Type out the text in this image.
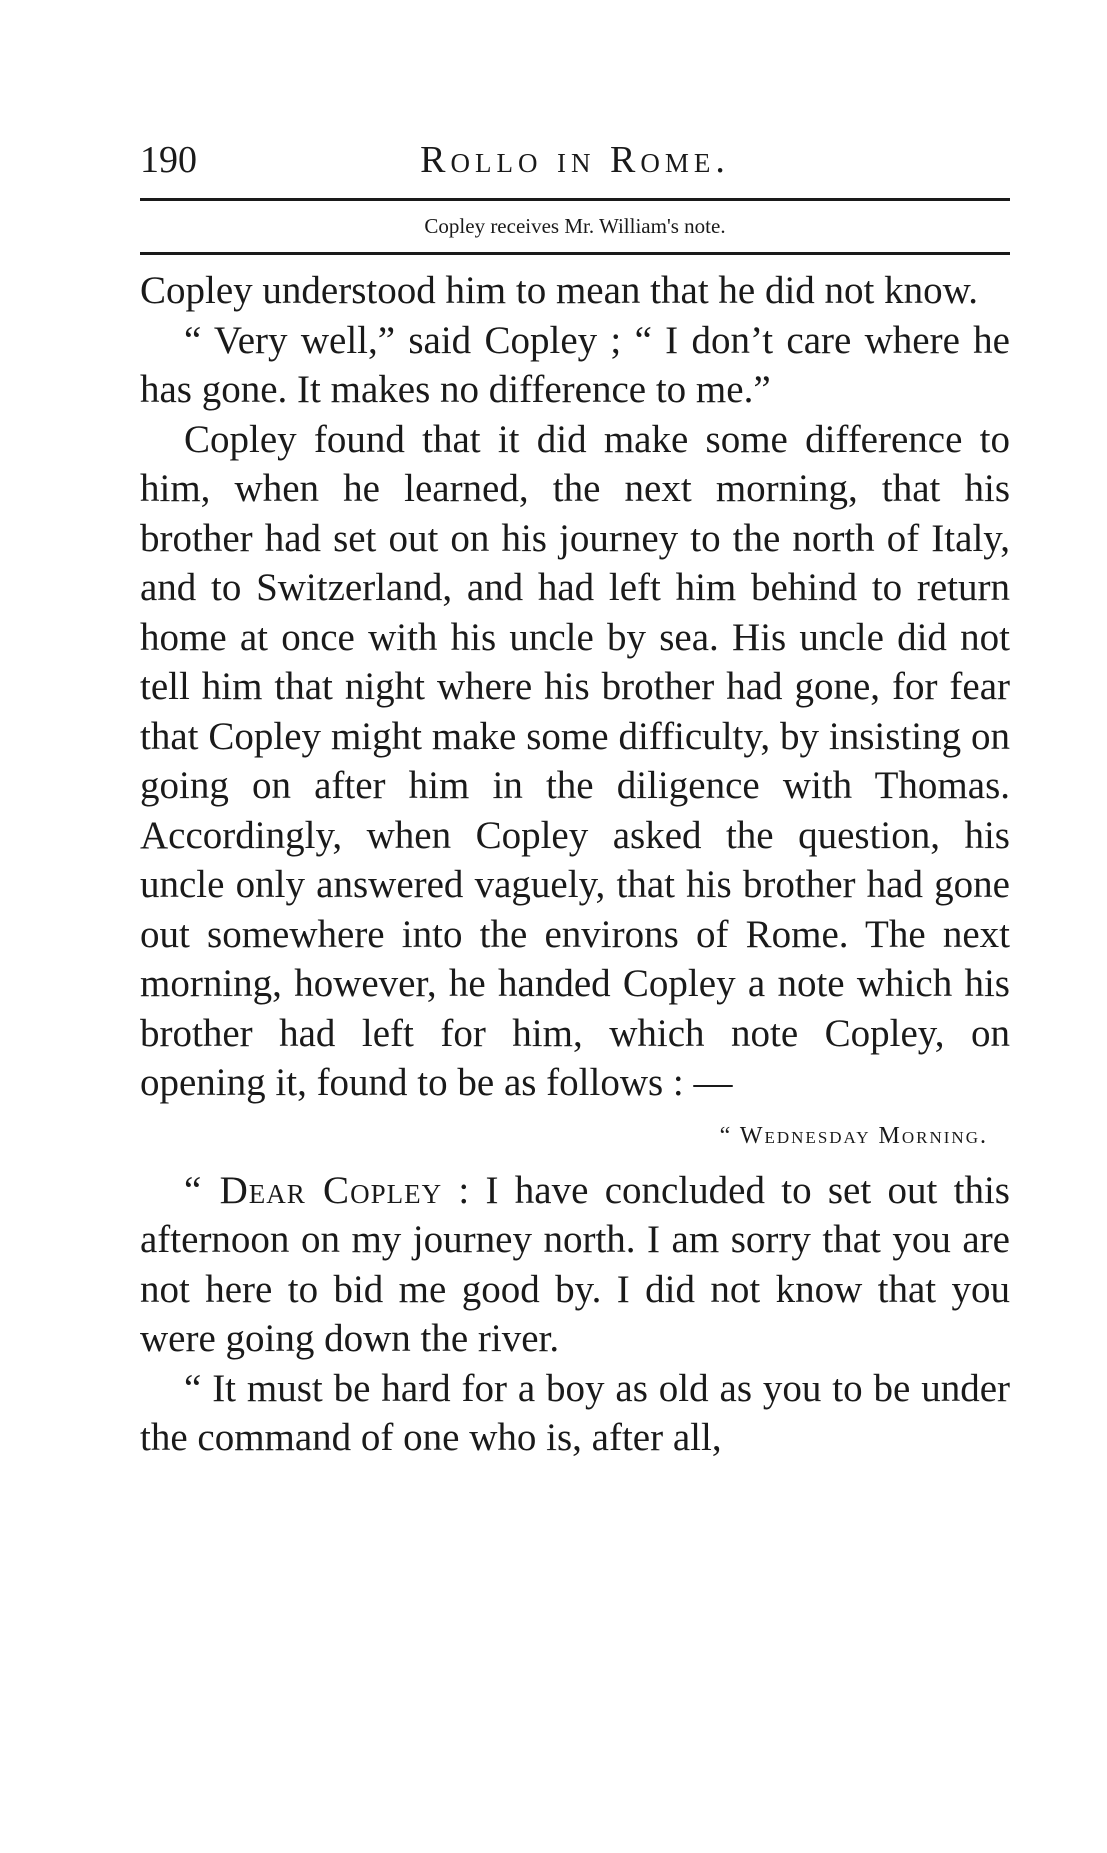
190	Rollo in Rome.
Copley receives Mr. William's note.

Copley understood him to mean that he did not know.

“ Very well,” said Copley ; “ I don’t care where he has gone. It makes no difference to me.”

Copley found that it did make some difference to him, when he learned, the next morning, that his brother had set out on his journey to the north of Italy, and to Switzerland, and had left him behind to return home at once with his uncle by sea. His uncle did not tell him that night where his brother had gone, for fear that Copley might make some difficulty, by insisting on going on after him in the diligence with Thomas. Accordingly, when Copley asked the question, his uncle only answered vaguely, that his brother had gone out somewhere into the environs of Rome. The next morning, however, he handed Copley a note which his brother had left for him, which note Copley, on opening it, found to be as follows : —

“ Wednesday Morning.

“ Dear Copley : I have concluded to set out this afternoon on my journey north. I am sorry that you are not here to bid me good by. I did not know that you were going down the river.

“ It must be hard for a boy as old as you to be under the command of one who is, after all,
